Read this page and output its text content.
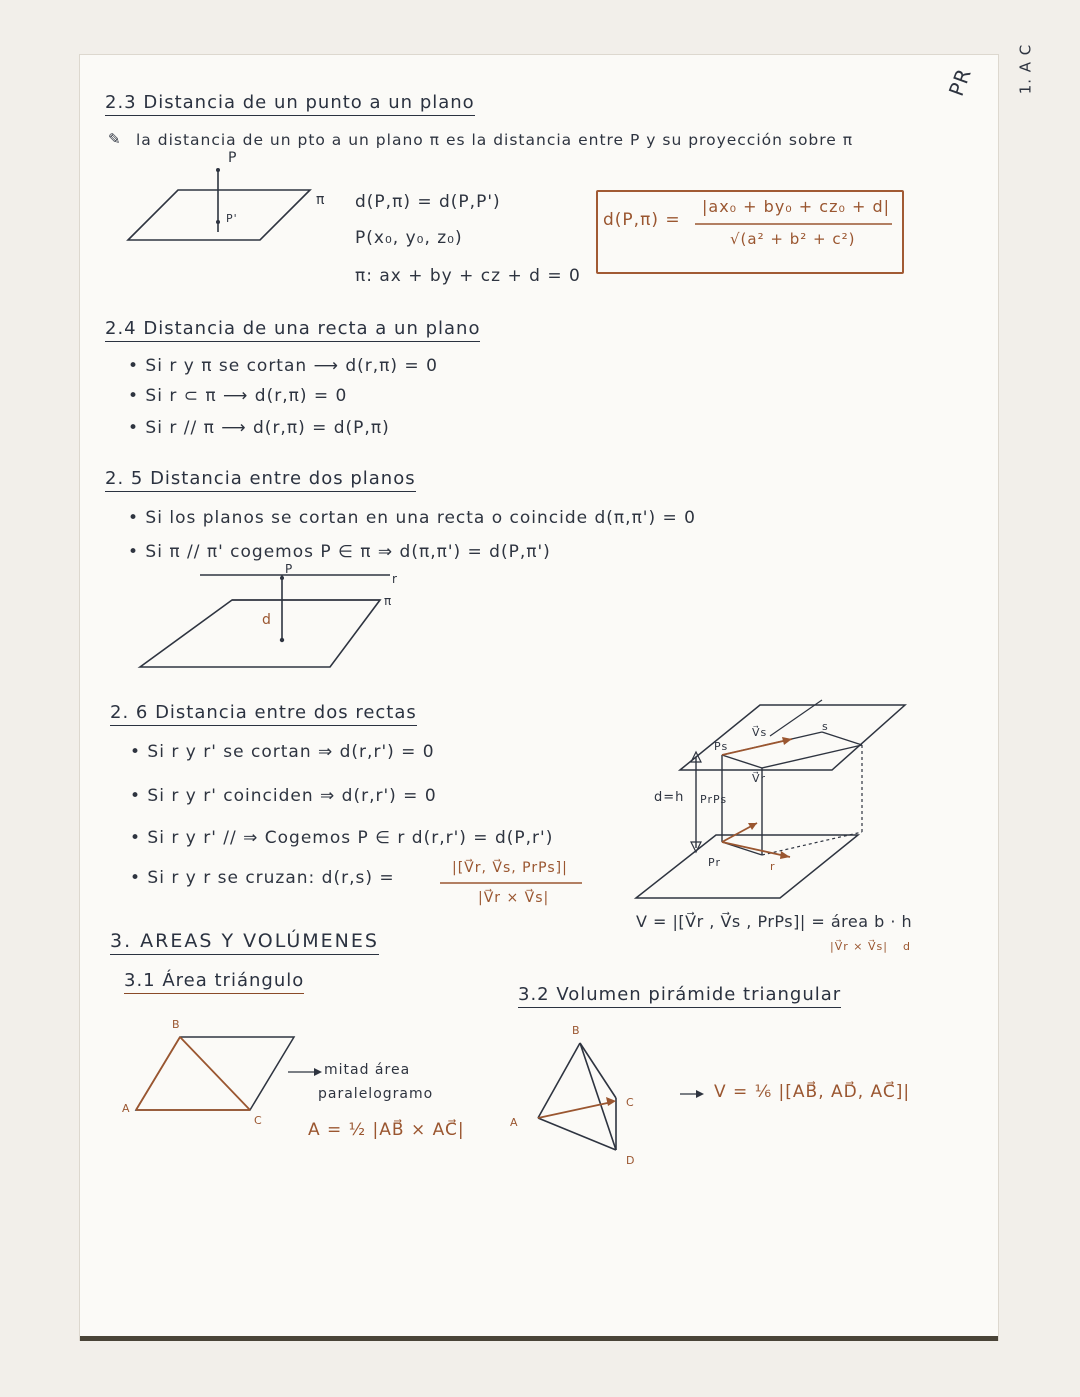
PR	1. A C
2.3 Distancia de un punto a un plano
✎ la distancia de un pto a un plano π es la distancia entre P y su proyección sobre π
P
P'
π d(P,π) = d(P,P')
P(x₀, y₀, z₀)
π: ax + by + cz + d = 0
d(P,π) =
|ax₀ + by₀ + cz₀ + d|
√(a² + b² + c²)
2.4 Distancia de una recta a un plano
• Si r y π se cortan ⟶ d(r,π) = 0
• Si r ⊂ π ⟶ d(r,π) = 0
• Si r // π ⟶ d(r,π) = d(P,π)
2. 5 Distancia entre dos planos
• Si los planos se cortan en una recta o coincide d(π,π') = 0
• Si π // π' cogemos P ∈ π ⇒ d(π,π') = d(P,π')
P
r
π
d
2. 6 Distancia entre dos rectas
• Si r y r' se cortan ⇒ d(r,r') = 0
• Si r y r' coinciden ⇒ d(r,r') = 0
• Si r y r' // ⇒ Cogemos P ∈ r d(r,r') = d(P,r')
• Si r y r se cruzan: d(r,s) =	|[V⃗r, V⃗s, PrPs]|
|V⃗r × V⃗s|
Ps
V⃗s
V⃗r
s
d=h PrPs
Pr	r
V = |[V⃗r , V⃗s , PrPs]| = área b · h
|V⃗r × V⃗s| d
3. AREAS Y VOLÚMENES
3.1 Área triángulo
A
B
C
mitad área
paralelogramo
A = ½ |AB⃗ × AC⃗|
3.2 Volumen pirámide triangular
B
A
C
D
V = ⅙ |[AB⃗, AD⃗, AC⃗]|
